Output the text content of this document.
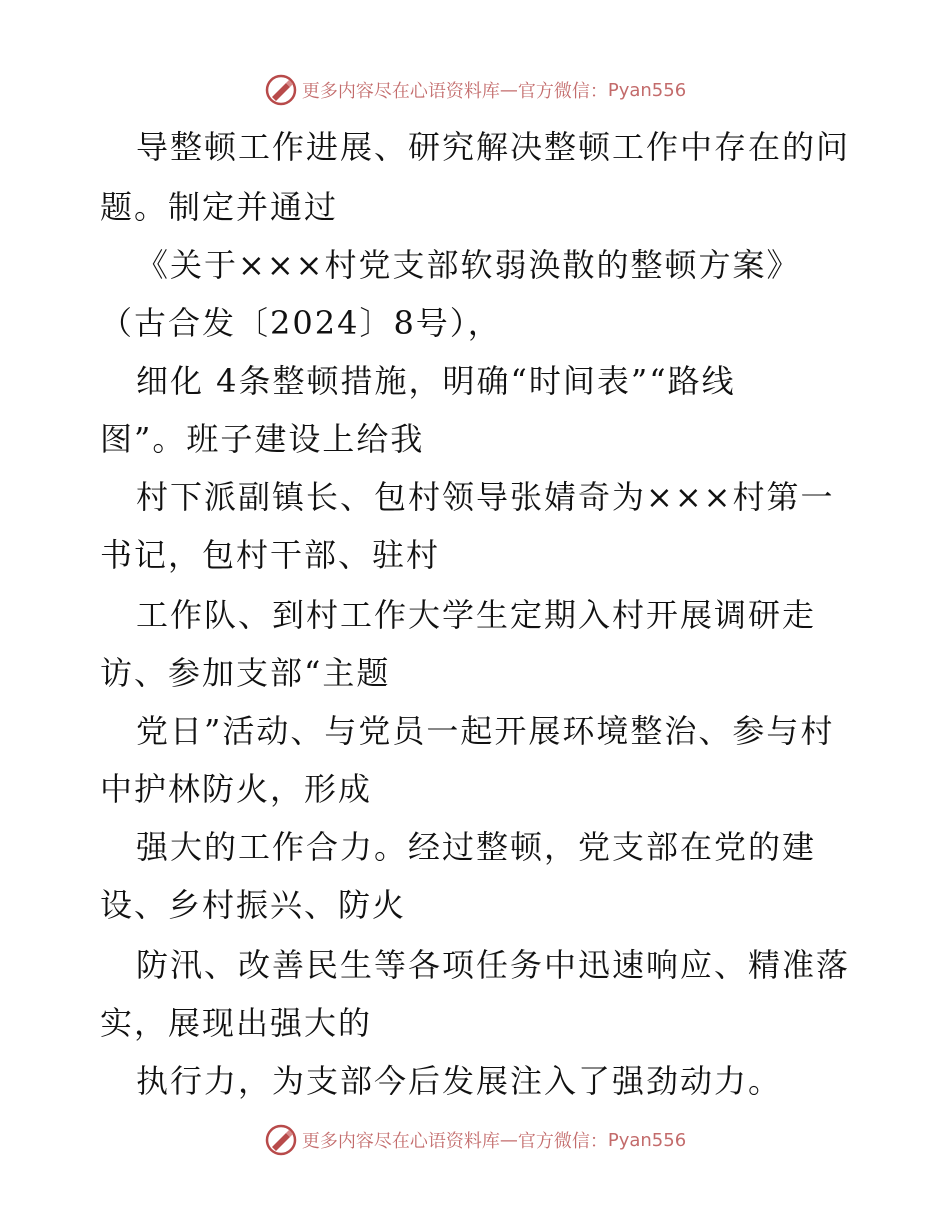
更多内容尽在心语资料库 — 官方微信： Pyan556
导整顿工作进展、研究解决整顿工作中存在的问
题。制定并通过
《关于×××村党支部软弱涣散的整顿方案》
（古合发〔2024〕8号），
细化 4条整顿措施，明确“时间表”“路线
图”。班子建设上给我
村下派副镇长、包村领导张婧奇为×××村第一
书记，包村干部、驻村
工作队、到村工作大学生定期入村开展调研走
访、参加支部“主题
党日”活动、与党员一起开展环境整治、参与村
中护林防火，形成
强大的工作合力。经过整顿，党支部在党的建
设、乡村振兴、防火
防汛、改善民生等各项任务中迅速响应、精准落
实，展现出强大的
执行力，为支部今后发展注入了强劲动力。
更多内容尽在心语资料库 — 官方微信： Pyan556
